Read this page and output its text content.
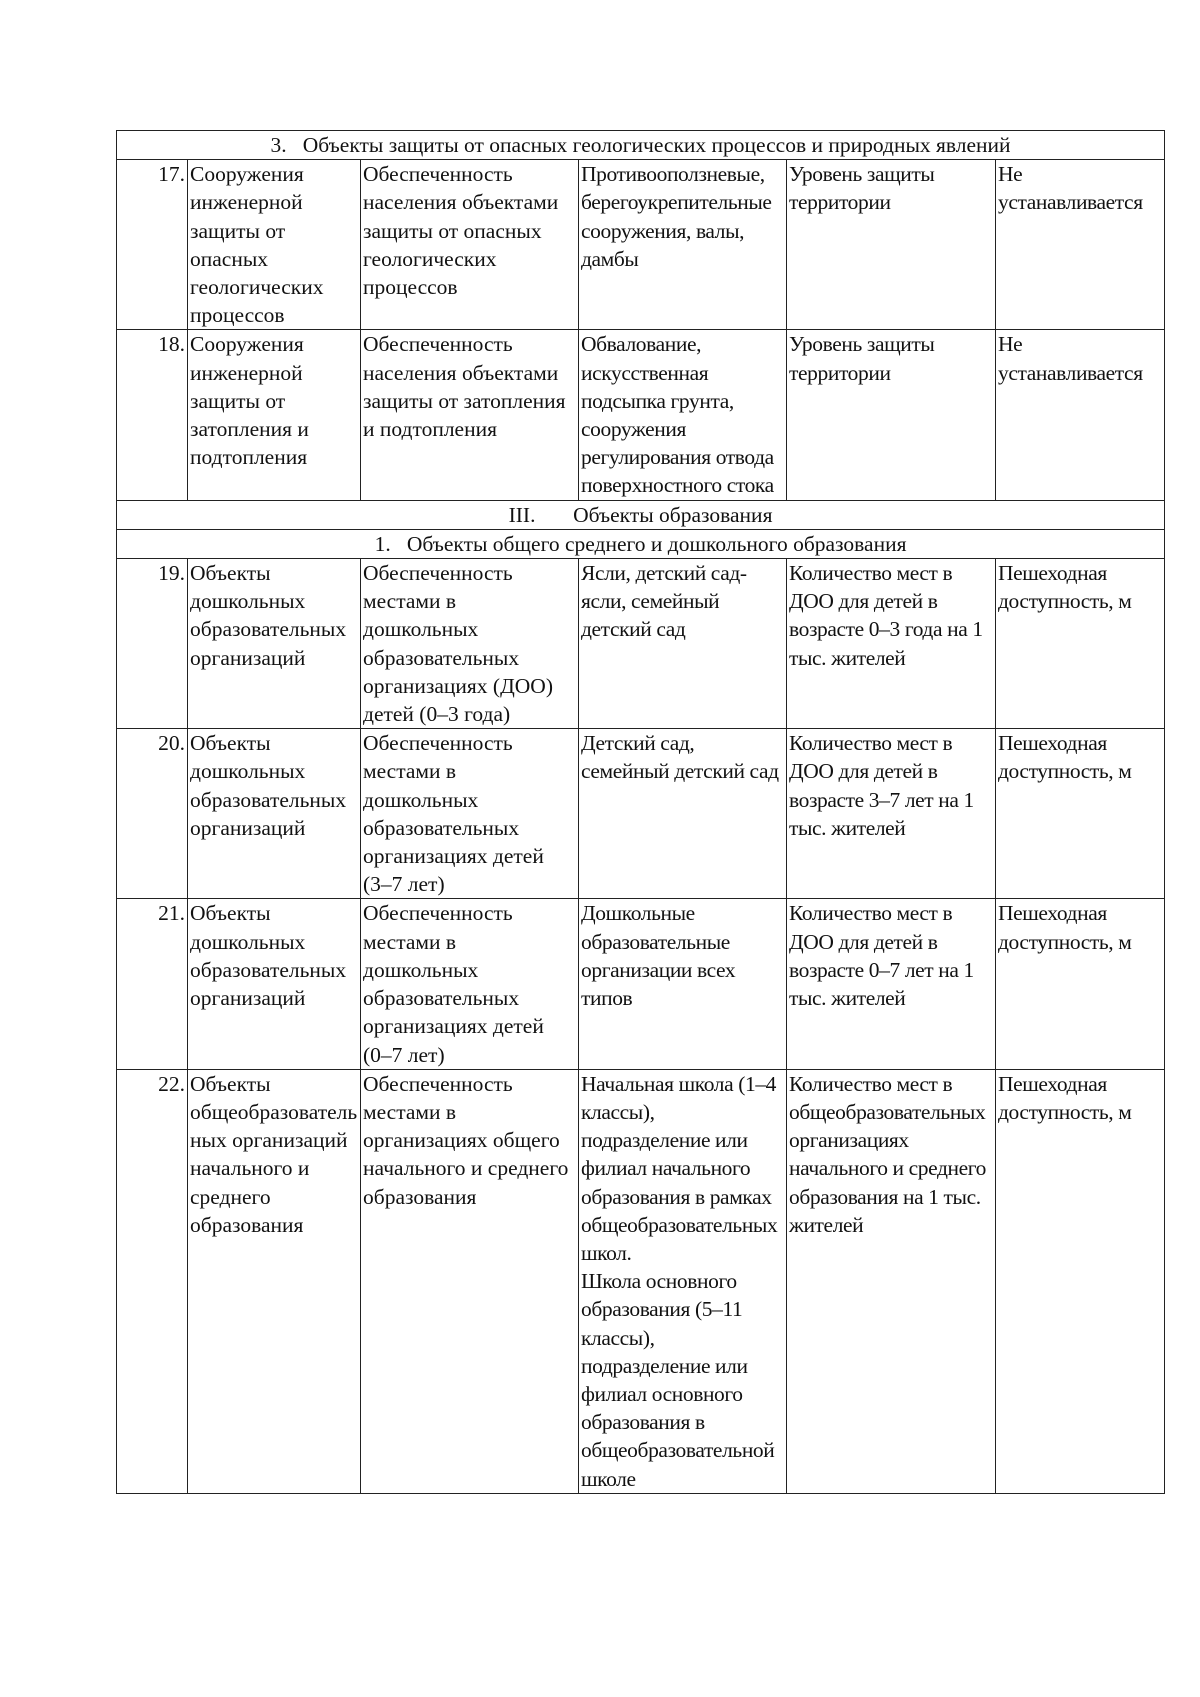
3.   Объекты защиты от опасных геологических процессов и природных явлений					
17.	Сооружения инженерной защиты от опасных геологических процессов	Обеспеченность населения объектами защиты от опасных геологических процессов	Противооползневые, берегоукрепительные сооружения, валы, дамбы	Уровень защиты территории	Не устанавливается
18.	Сооружения инженерной защиты от затопления и подтопления	Обеспеченность населения объектами защиты от затопления и подтопления	Обвалование, искусственная подсыпка грунта, сооружения регулирования отвода поверхностного стока	Уровень защиты территории	Не устанавливается
III.       Объекты образования					
1.   Объекты общего среднего и дошкольного образования					
19.	Объекты дошкольных образовательных организаций	Обеспеченность местами в дошкольных образовательных организациях (ДОО) детей (0–3 года)	Ясли, детский сад-ясли, семейный детский сад	Количество мест в ДОО для детей в возрасте 0–3 года на 1 тыс. жителей	Пешеходная доступность, м
20.	Объекты дошкольных образовательных организаций	Обеспеченность местами в дошкольных образовательных организациях детей (3–7 лет)	Детский сад, семейный детский сад	Количество мест в ДОО для детей в возрасте 3–7 лет на 1 тыс. жителей	Пешеходная доступность, м
21.	Объекты дошкольных образовательных организаций	Обеспеченность местами в дошкольных образовательных организациях детей (0–7 лет)	Дошкольные образовательные организации всех типов	Количество мест в ДОО для детей в возрасте 0–7 лет на 1 тыс. жителей	Пешеходная доступность, м
22.	Объекты общеобразовательных организаций начального и среднего образования	Обеспеченность местами в организациях общего начального и среднего образования	Начальная школа (1–4 классы), подразделение или филиал начального образования в рамках общеобразовательных школ.
Школа основного образования (5–11 классы), подразделение или филиал основного образования в общеобразовательной школе	Количество мест в общеобразовательных организациях начального и среднего образования на 1 тыс. жителей	Пешеходная доступность, м
